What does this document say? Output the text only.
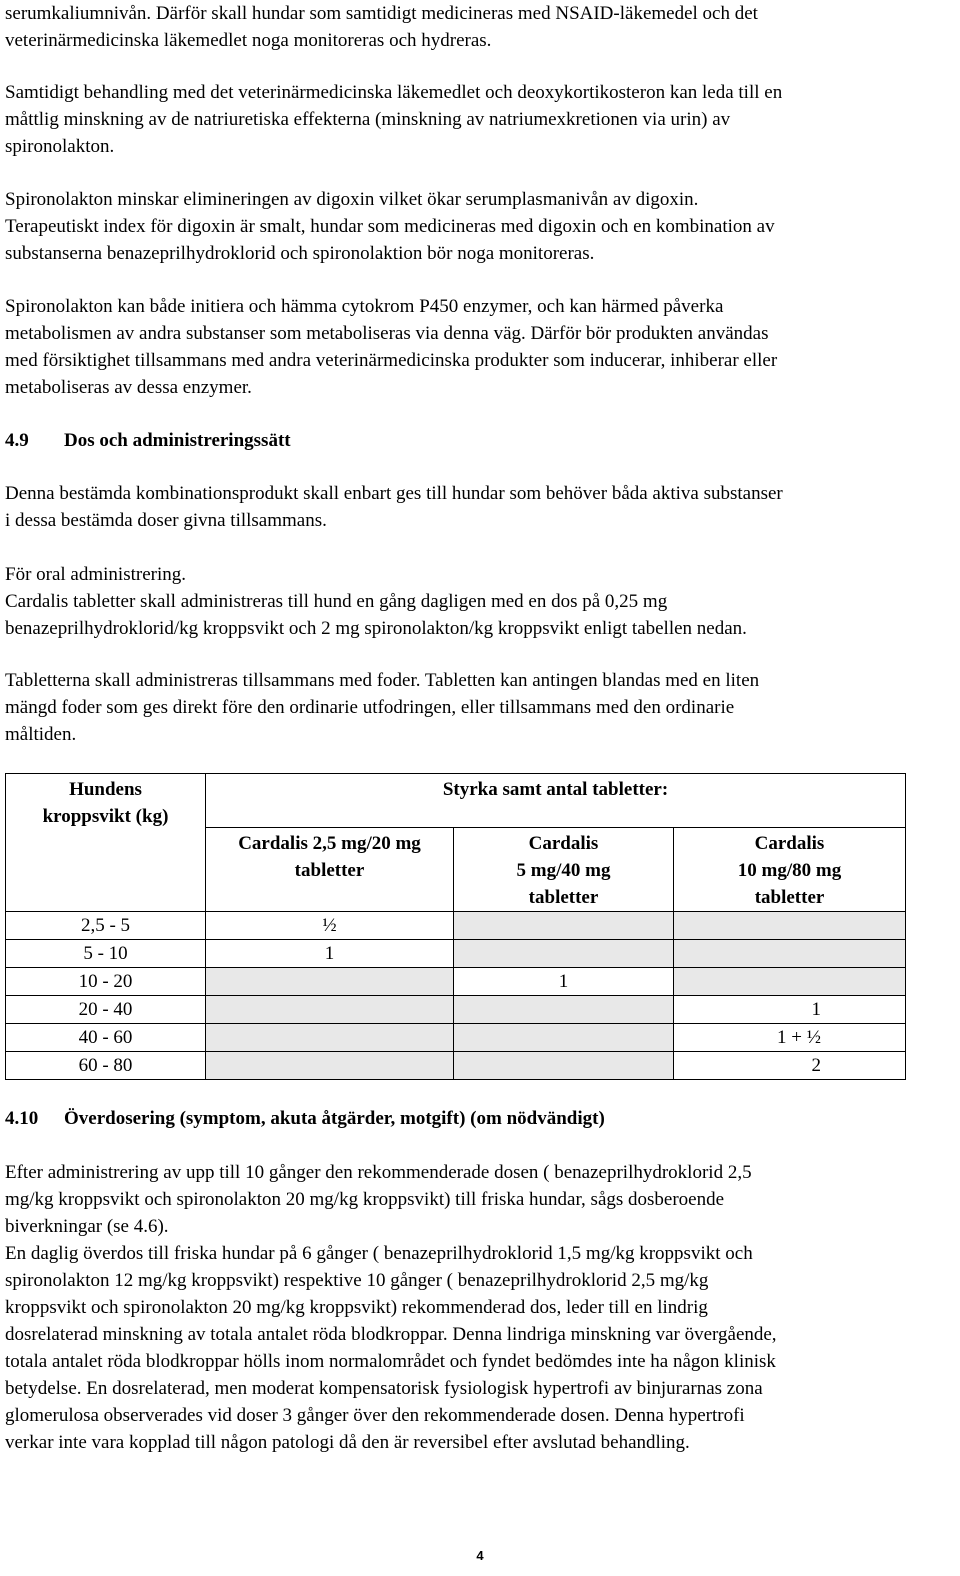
serumkaliumnivån. Därför skall hundar som samtidigt medicineras med NSAID-läkemedel och det
veterinärmedicinska läkemedlet noga monitoreras och hydreras.

Samtidigt behandling med det veterinärmedicinska läkemedlet och deoxykortikosteron kan leda till en
måttlig minskning av de natriuretiska effekterna (minskning av natriumexkretionen via urin) av
spironolakton.

Spironolakton minskar elimineringen av digoxin vilket ökar serumplasmanivån av digoxin.
Terapeutiskt index för digoxin är smalt, hundar som medicineras med digoxin och en kombination av
substanserna benazeprilhydroklorid och spironolaktion bör noga monitoreras.

Spironolakton kan både initiera och hämma cytokrom P450 enzymer, och kan härmed påverka
metabolismen av andra substanser som metaboliseras via denna väg. Därför bör produkten användas
med försiktighet tillsammans med andra veterinärmedicinska produkter som inducerar, inhiberar eller
metaboliseras av dessa enzymer.

4.9	Dos och administreringssätt

Denna bestämda kombinationsprodukt skall enbart ges till hundar som behöver båda aktiva substanser
i dessa bestämda doser givna tillsammans.

För oral administrering.
Cardalis tabletter skall administreras till hund en gång dagligen med en dos på 0,25 mg
benazeprilhydroklorid/kg kroppsvikt och 2 mg spironolakton/kg kroppsvikt enligt tabellen nedan.

Tabletterna skall administreras tillsammans med foder. Tabletten kan antingen blandas med en liten
mängd foder som ges direkt före den ordinarie utfodringen, eller tillsammans med den ordinarie
måltiden.

Hundens
kroppsvikt (kg)	Styrka samt antal tabletter:		
	Cardalis 2,5 mg/20 mg
tabletter	Cardalis
5 mg/40 mg
tabletter	Cardalis
10 mg/80 mg
tabletter
2,5 - 5	½		
5 - 10	1		
10 - 20		1	
20 - 40			1
40 - 60			1 + ½
60 - 80			2
4.10	Överdosering (symptom, akuta åtgärder, motgift) (om nödvändigt)

Efter administrering av upp till 10 gånger den rekommenderade dosen ( benazeprilhydroklorid 2,5
mg/kg kroppsvikt och spironolakton 20 mg/kg kroppsvikt) till friska hundar, sågs dosberoende
biverkningar (se 4.6).
En daglig överdos till friska hundar på 6 gånger ( benazeprilhydroklorid 1,5 mg/kg kroppsvikt och
spironolakton 12 mg/kg kroppsvikt) respektive 10 gånger ( benazeprilhydroklorid 2,5 mg/kg
kroppsvikt och spironolakton 20 mg/kg kroppsvikt) rekommenderad dos, leder till en lindrig
dosrelaterad minskning av totala antalet röda blodkroppar. Denna lindriga minskning var övergående,
totala antalet röda blodkroppar hölls inom normalområdet och fyndet bedömdes inte ha någon klinisk
betydelse. En dosrelaterad, men moderat kompensatorisk fysiologisk hypertrofi av binjurarnas zona
glomerulosa observerades vid doser 3 gånger över den rekommenderade dosen. Denna hypertrofi
verkar inte vara kopplad till någon patologi då den är reversibel efter avslutad behandling.

4
